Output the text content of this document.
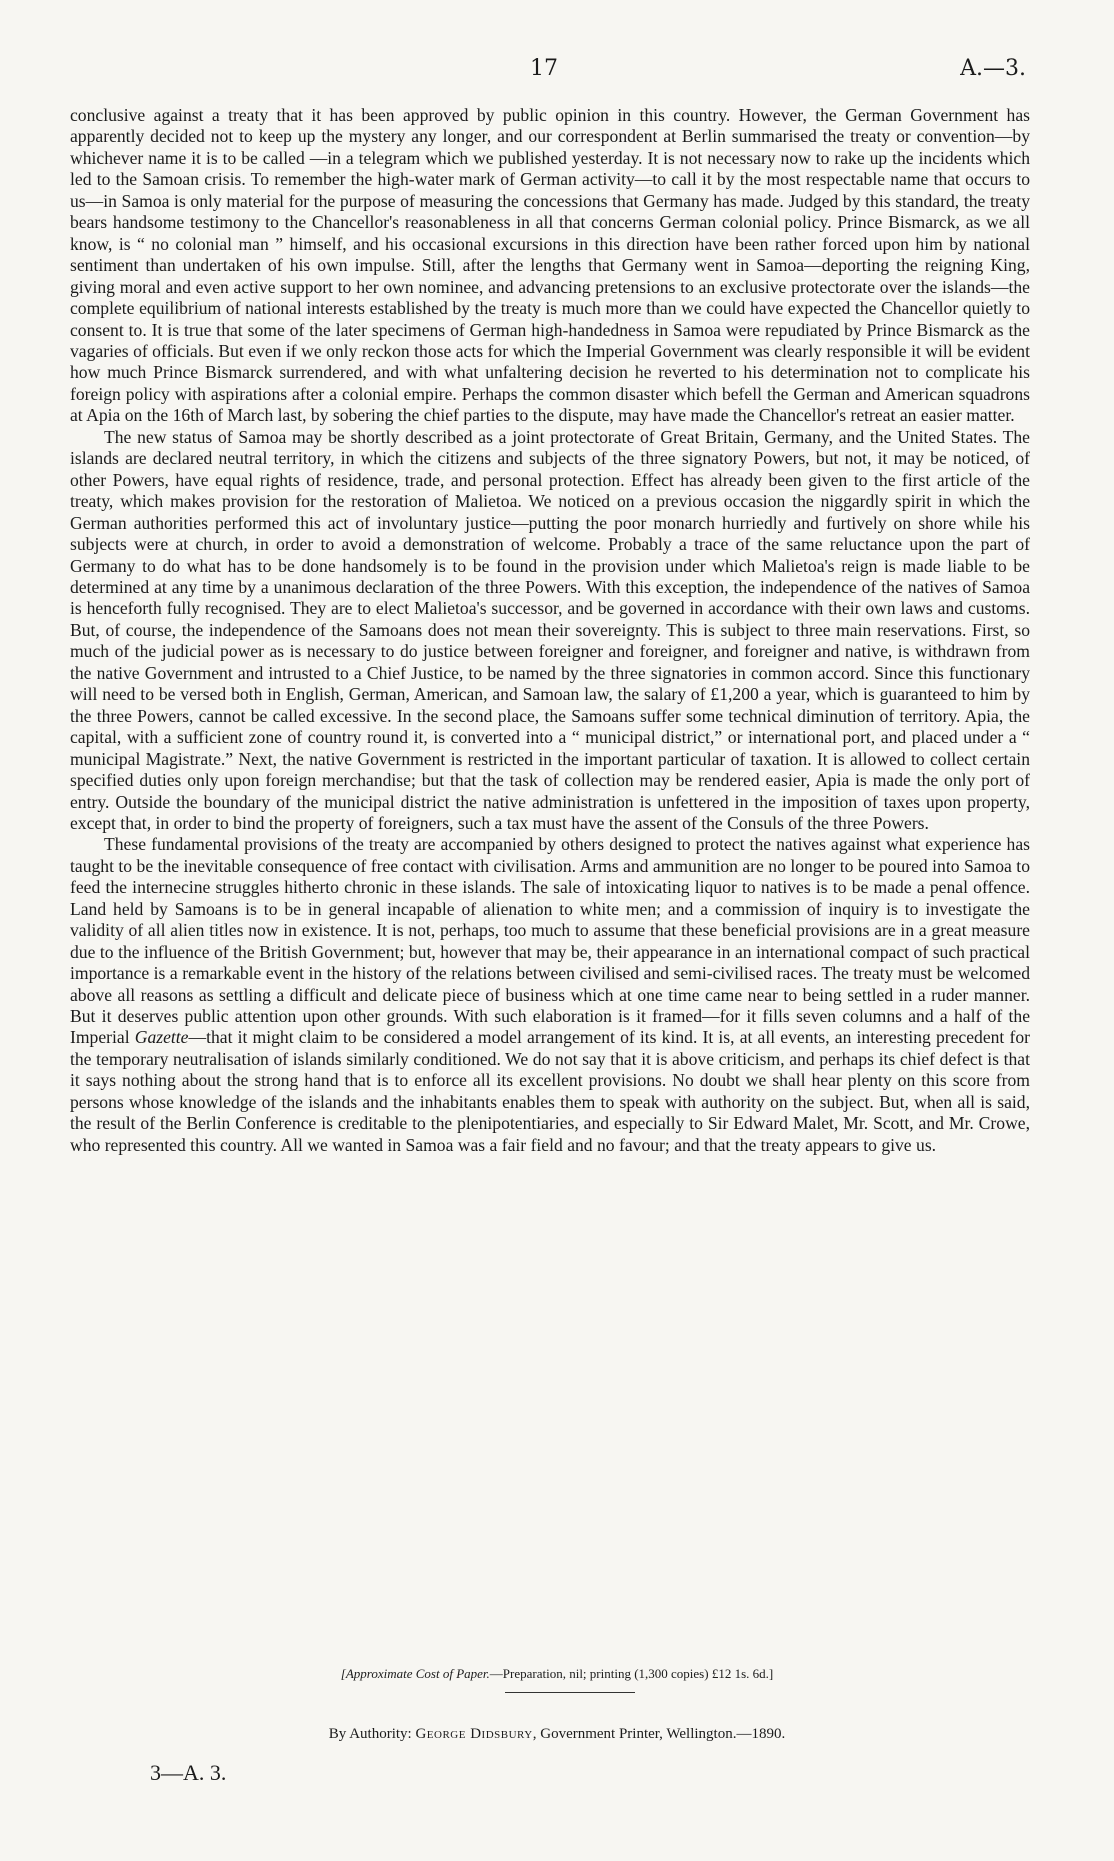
17	A.—3.

conclusive against a treaty that it has been approved by public opinion in this country. However, the German Government has apparently decided not to keep up the mystery any longer, and our correspondent at Berlin summarised the treaty or convention—by whichever name it is to be called —in a telegram which we published yesterday. It is not necessary now to rake up the incidents which led to the Samoan crisis. To remember the high-water mark of German activity—to call it by the most respectable name that occurs to us—in Samoa is only material for the purpose of measuring the concessions that Germany has made. Judged by this standard, the treaty bears handsome testimony to the Chancellor's reasonableness in all that concerns German colonial policy. Prince Bismarck, as we all know, is “ no colonial man ” himself, and his occasional excursions in this direction have been rather forced upon him by national sentiment than undertaken of his own impulse. Still, after the lengths that Germany went in Samoa—deporting the reigning King, giving moral and even active support to her own nominee, and advancing pretensions to an exclusive protectorate over the islands—the complete equilibrium of national interests established by the treaty is much more than we could have expected the Chancellor quietly to consent to. It is true that some of the later specimens of German high-handedness in Samoa were repudiated by Prince Bismarck as the vagaries of officials. But even if we only reckon those acts for which the Imperial Government was clearly responsible it will be evident how much Prince Bismarck surrendered, and with what unfaltering decision he reverted to his determination not to complicate his foreign policy with aspirations after a colonial empire. Perhaps the common disaster which befell the German and American squadrons at Apia on the 16th of March last, by sobering the chief parties to the dispute, may have made the Chancellor's retreat an easier matter.

The new status of Samoa may be shortly described as a joint protectorate of Great Britain, Germany, and the United States. The islands are declared neutral territory, in which the citizens and subjects of the three signatory Powers, but not, it may be noticed, of other Powers, have equal rights of residence, trade, and personal protection. Effect has already been given to the first article of the treaty, which makes provision for the restoration of Malietoa. We noticed on a previous occasion the niggardly spirit in which the German authorities performed this act of involuntary justice—putting the poor monarch hurriedly and furtively on shore while his subjects were at church, in order to avoid a demonstration of welcome. Probably a trace of the same reluctance upon the part of Germany to do what has to be done handsomely is to be found in the provision under which Malietoa's reign is made liable to be determined at any time by a unanimous declaration of the three Powers. With this exception, the independence of the natives of Samoa is henceforth fully recognised. They are to elect Malietoa's successor, and be governed in accordance with their own laws and customs. But, of course, the independence of the Samoans does not mean their sovereignty. This is subject to three main reservations. First, so much of the judicial power as is necessary to do justice between foreigner and foreigner, and foreigner and native, is withdrawn from the native Government and intrusted to a Chief Justice, to be named by the three signatories in common accord. Since this functionary will need to be versed both in English, German, American, and Samoan law, the salary of £1,200 a year, which is guaranteed to him by the three Powers, cannot be called excessive. In the second place, the Samoans suffer some technical diminution of territory. Apia, the capital, with a sufficient zone of country round it, is converted into a “ municipal district,” or international port, and placed under a “ municipal Magistrate.” Next, the native Government is restricted in the important particular of taxation. It is allowed to collect certain specified duties only upon foreign merchandise; but that the task of collection may be rendered easier, Apia is made the only port of entry. Outside the boundary of the municipal district the native administration is unfettered in the imposition of taxes upon property, except that, in order to bind the property of foreigners, such a tax must have the assent of the Consuls of the three Powers.

These fundamental provisions of the treaty are accompanied by others designed to protect the natives against what experience has taught to be the inevitable consequence of free contact with civilisation. Arms and ammunition are no longer to be poured into Samoa to feed the internecine struggles hitherto chronic in these islands. The sale of intoxicating liquor to natives is to be made a penal offence. Land held by Samoans is to be in general incapable of alienation to white men; and a commission of inquiry is to investigate the validity of all alien titles now in existence. It is not, perhaps, too much to assume that these beneficial provisions are in a great measure due to the influence of the British Government; but, however that may be, their appearance in an international compact of such practical importance is a remarkable event in the history of the relations between civilised and semi-civilised races. The treaty must be welcomed above all reasons as settling a difficult and delicate piece of business which at one time came near to being settled in a ruder manner. But it deserves public attention upon other grounds. With such elaboration is it framed—for it fills seven columns and a half of the Imperial Gazette—that it might claim to be considered a model arrangement of its kind. It is, at all events, an interesting precedent for the temporary neutralisation of islands similarly conditioned. We do not say that it is above criticism, and perhaps its chief defect is that it says nothing about the strong hand that is to enforce all its excellent provisions. No doubt we shall hear plenty on this score from persons whose knowledge of the islands and the inhabitants enables them to speak with authority on the subject. But, when all is said, the result of the Berlin Conference is creditable to the plenipotentiaries, and especially to Sir Edward Malet, Mr. Scott, and Mr. Crowe, who represented this country. All we wanted in Samoa was a fair field and no favour; and that the treaty appears to give us.

[Approximate Cost of Paper.—Preparation, nil; printing (1,300 copies) £12 1s. 6d.]
By Authority: George Didsbury, Government Printer, Wellington.—1890.
3—A. 3.
